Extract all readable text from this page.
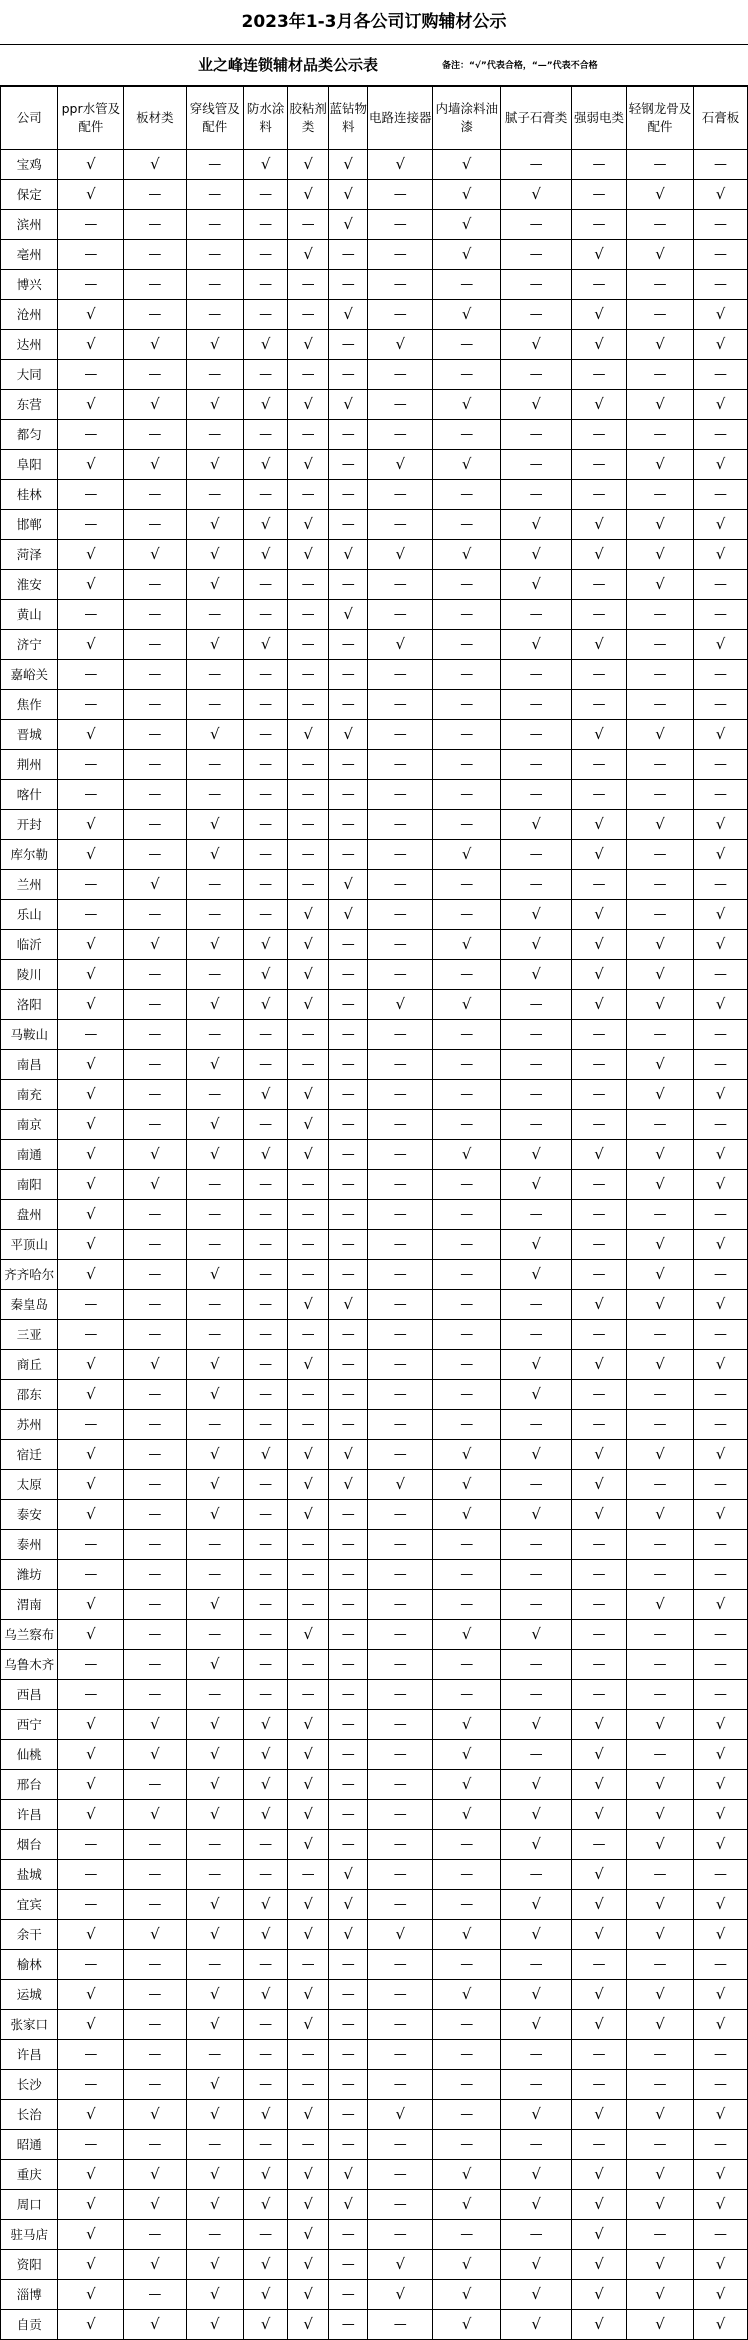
2023年1-3月各公司订购辅材公示
业之峰连锁辅材品类公示表	备注：“√”代表合格，“—”代表不合格
公司	ppr水管及配件	板材类	穿线管及配件	防水涂料	胶粘剂类	蓝钻物料	电路连接器	内墙涂料油漆	腻子石膏类	强弱电类	轻钢龙骨及配件	石膏板
宝鸡	√	√	—	√	√	√	√	√	—	—	—	—
保定	√	—	—	—	√	√	—	√	√	—	√	√
滨州	—	—	—	—	—	√	—	√	—	—	—	—
亳州	—	—	—	—	√	—	—	√	—	√	√	—
博兴	—	—	—	—	—	—	—	—	—	—	—	—
沧州	√	—	—	—	—	√	—	√	—	√	—	√
达州	√	√	√	√	√	—	√	—	√	√	√	√
大同	—	—	—	—	—	—	—	—	—	—	—	—
东营	√	√	√	√	√	√	—	√	√	√	√	√
都匀	—	—	—	—	—	—	—	—	—	—	—	—
阜阳	√	√	√	√	√	—	√	√	—	—	√	√
桂林	—	—	—	—	—	—	—	—	—	—	—	—
邯郸	—	—	√	√	√	—	—	—	√	√	√	√
菏泽	√	√	√	√	√	√	√	√	√	√	√	√
淮安	√	—	√	—	—	—	—	—	√	—	√	—
黄山	—	—	—	—	—	√	—	—	—	—	—	—
济宁	√	—	√	√	—	—	√	—	√	√	—	√
嘉峪关	—	—	—	—	—	—	—	—	—	—	—	—
焦作	—	—	—	—	—	—	—	—	—	—	—	—
晋城	√	—	√	—	√	√	—	—	—	√	√	√
荆州	—	—	—	—	—	—	—	—	—	—	—	—
喀什	—	—	—	—	—	—	—	—	—	—	—	—
开封	√	—	√	—	—	—	—	—	√	√	√	√
库尔勒	√	—	√	—	—	—	—	√	—	√	—	√
兰州	—	√	—	—	—	√	—	—	—	—	—	—
乐山	—	—	—	—	√	√	—	—	√	√	—	√
临沂	√	√	√	√	√	—	—	√	√	√	√	√
陵川	√	—	—	√	√	—	—	—	√	√	√	—
洛阳	√	—	√	√	√	—	√	√	—	√	√	√
马鞍山	—	—	—	—	—	—	—	—	—	—	—	—
南昌	√	—	√	—	—	—	—	—	—	—	√	—
南充	√	—	—	√	√	—	—	—	—	—	√	√
南京	√	—	√	—	√	—	—	—	—	—	—	—
南通	√	√	√	√	√	—	—	√	√	√	√	√
南阳	√	√	—	—	—	—	—	—	√	—	√	√
盘州	√	—	—	—	—	—	—	—	—	—	—	—
平顶山	√	—	—	—	—	—	—	—	√	—	√	√
齐齐哈尔	√	—	√	—	—	—	—	—	√	—	√	—
秦皇岛	—	—	—	—	√	√	—	—	—	√	√	√
三亚	—	—	—	—	—	—	—	—	—	—	—	—
商丘	√	√	√	—	√	—	—	—	√	√	√	√
邵东	√	—	√	—	—	—	—	—	√	—	—	—
苏州	—	—	—	—	—	—	—	—	—	—	—	—
宿迁	√	—	√	√	√	√	—	√	√	√	√	√
太原	√	—	√	—	√	√	√	√	—	√	—	—
泰安	√	—	√	—	√	—	—	√	√	√	√	√
泰州	—	—	—	—	—	—	—	—	—	—	—	—
潍坊	—	—	—	—	—	—	—	—	—	—	—	—
渭南	√	—	√	—	—	—	—	—	—	—	√	√
乌兰察布	√	—	—	—	√	—	—	√	√	—	—	—
乌鲁木齐	—	—	√	—	—	—	—	—	—	—	—	—
西昌	—	—	—	—	—	—	—	—	—	—	—	—
西宁	√	√	√	√	√	—	—	√	√	√	√	√
仙桃	√	√	√	√	√	—	—	√	—	√	—	√
邢台	√	—	√	√	√	—	—	√	√	√	√	√
许昌	√	√	√	√	√	—	—	√	√	√	√	√
烟台	—	—	—	—	√	—	—	—	√	—	√	√
盐城	—	—	—	—	—	√	—	—	—	√	—	—
宜宾	—	—	√	√	√	√	—	—	√	√	√	√
余干	√	√	√	√	√	√	√	√	√	√	√	√
榆林	—	—	—	—	—	—	—	—	—	—	—	—
运城	√	—	√	√	√	—	—	√	√	√	√	√
张家口	√	—	√	—	√	—	—	—	√	√	√	√
许昌	—	—	—	—	—	—	—	—	—	—	—	—
长沙	—	—	√	—	—	—	—	—	—	—	—	—
长治	√	√	√	√	√	—	√	—	√	√	√	√
昭通	—	—	—	—	—	—	—	—	—	—	—	—
重庆	√	√	√	√	√	√	—	√	√	√	√	√
周口	√	√	√	√	√	√	—	√	√	√	√	√
驻马店	√	—	—	—	√	—	—	—	—	√	—	—
资阳	√	√	√	√	√	—	√	√	√	√	√	√
淄博	√	—	√	√	√	—	√	√	√	√	√	√
自贡	√	√	√	√	√	—	—	√	√	√	√	√
